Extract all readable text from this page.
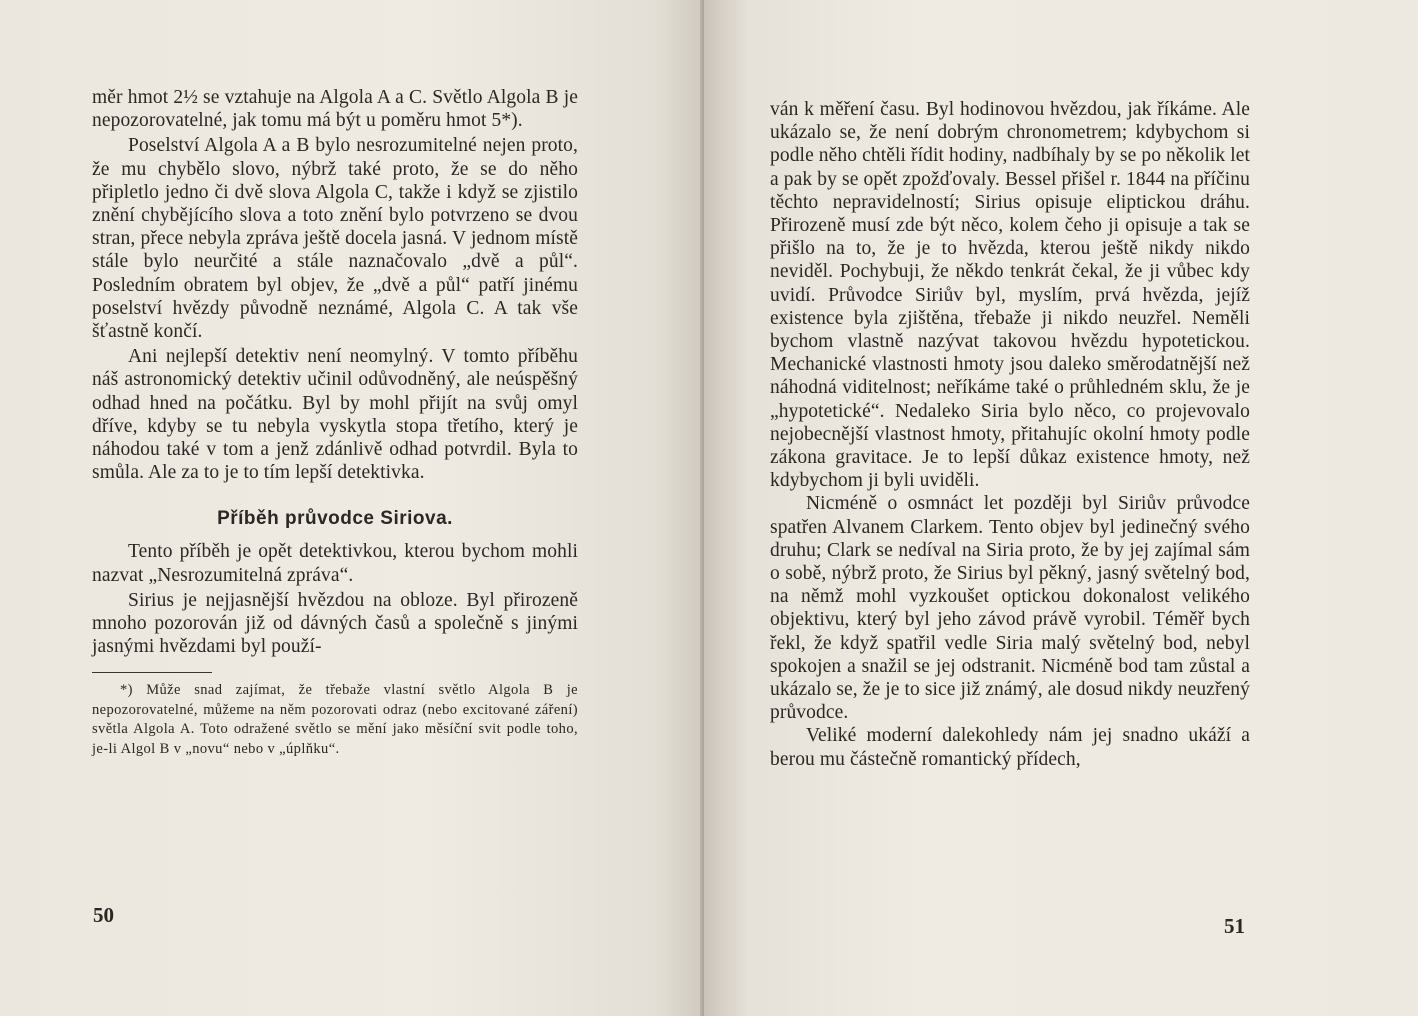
měr hmot 2½ se vztahuje na Algola A a C. Světlo Algola B je nepozorovatelné, jak tomu má být u poměru hmot 5*).

Poselství Algola A a B bylo nesrozumitelné nejen proto, že mu chybělo slovo, nýbrž také proto, že se do něho připletlo jedno či dvě slova Algola C, takže i když se zjistilo znění chybějícího slova a toto znění bylo potvrzeno se dvou stran, přece nebyla zpráva ještě docela jasná. V jednom místě stále bylo neurčité a stále naznačovalo „dvě a půl“. Posledním obratem byl objev, že „dvě a půl“ patří jinému poselství hvězdy původně neznámé, Algola C. A tak vše šťastně končí.

Ani nejlepší detektiv není neomylný. V tomto příběhu náš astronomický detektiv učinil odůvodněný, ale neúspěšný odhad hned na počátku. Byl by mohl přijít na svůj omyl dříve, kdyby se tu nebyla vyskytla stopa třetího, který je náhodou také v tom a jenž zdánlivě odhad potvrdil. Byla to smůla. Ale za to je to tím lepší detektivka.

Příběh průvodce Siriova.

Tento příběh je opět detektivkou, kterou bychom mohli nazvat „Nesrozumitelná zpráva“.

Sirius je nejjasnější hvězdou na obloze. Byl přirozeně mnoho pozorován již od dávných časů a společně s jinými jasnými hvězdami byl použí-

*) Může snad zajímat, že třebaže vlastní světlo Algola B je nepozorovatelné, můžeme na něm pozorovati odraz (nebo excitované záření) světla Algola A. Toto odražené světlo se mění jako měsíční svit podle toho, je-li Algol B v „novu“ nebo v „úplňku“.

50

ván k měření času. Byl hodinovou hvězdou, jak říkáme. Ale ukázalo se, že není dobrým chronometrem; kdybychom si podle něho chtěli řídit hodiny, nadbíhaly by se po několik let a pak by se opět zpožďovaly. Bessel přišel r. 1844 na příčinu těchto nepravidelností; Sirius opisuje eliptickou dráhu. Přirozeně musí zde být něco, kolem čeho ji opisuje a tak se přišlo na to, že je to hvězda, kterou ještě nikdy nikdo neviděl. Pochybuji, že někdo tenkrát čekal, že ji vůbec kdy uvidí. Průvodce Siriův byl, myslím, prvá hvězda, jejíž existence byla zjištěna, třebaže ji nikdo neuzřel. Neměli bychom vlastně nazývat takovou hvězdu hypotetickou. Mechanické vlastnosti hmoty jsou daleko směrodatnější než náhodná viditelnost; neříkáme také o průhledném sklu, že je „hypotetické“. Nedaleko Siria bylo něco, co projevovalo nejobecnější vlastnost hmoty, přitahujíc okolní hmoty podle zákona gravitace. Je to lepší důkaz existence hmoty, než kdybychom ji byli uviděli.

Nicméně o osmnáct let později byl Siriův průvodce spatřen Alvanem Clarkem. Tento objev byl jedinečný svého druhu; Clark se nedíval na Siria proto, že by jej zajímal sám o sobě, nýbrž proto, že Sirius byl pěkný, jasný světelný bod, na němž mohl vyzkoušet optickou dokonalost velikého objektivu, který byl jeho závod právě vyrobil. Téměř bych řekl, že když spatřil vedle Siria malý světelný bod, nebyl spokojen a snažil se jej odstranit. Nicméně bod tam zůstal a ukázalo se, že je to sice již známý, ale dosud nikdy neuzřený průvodce.

Veliké moderní dalekohledy nám jej snadno ukáží a berou mu částečně romantický přídech,

51
